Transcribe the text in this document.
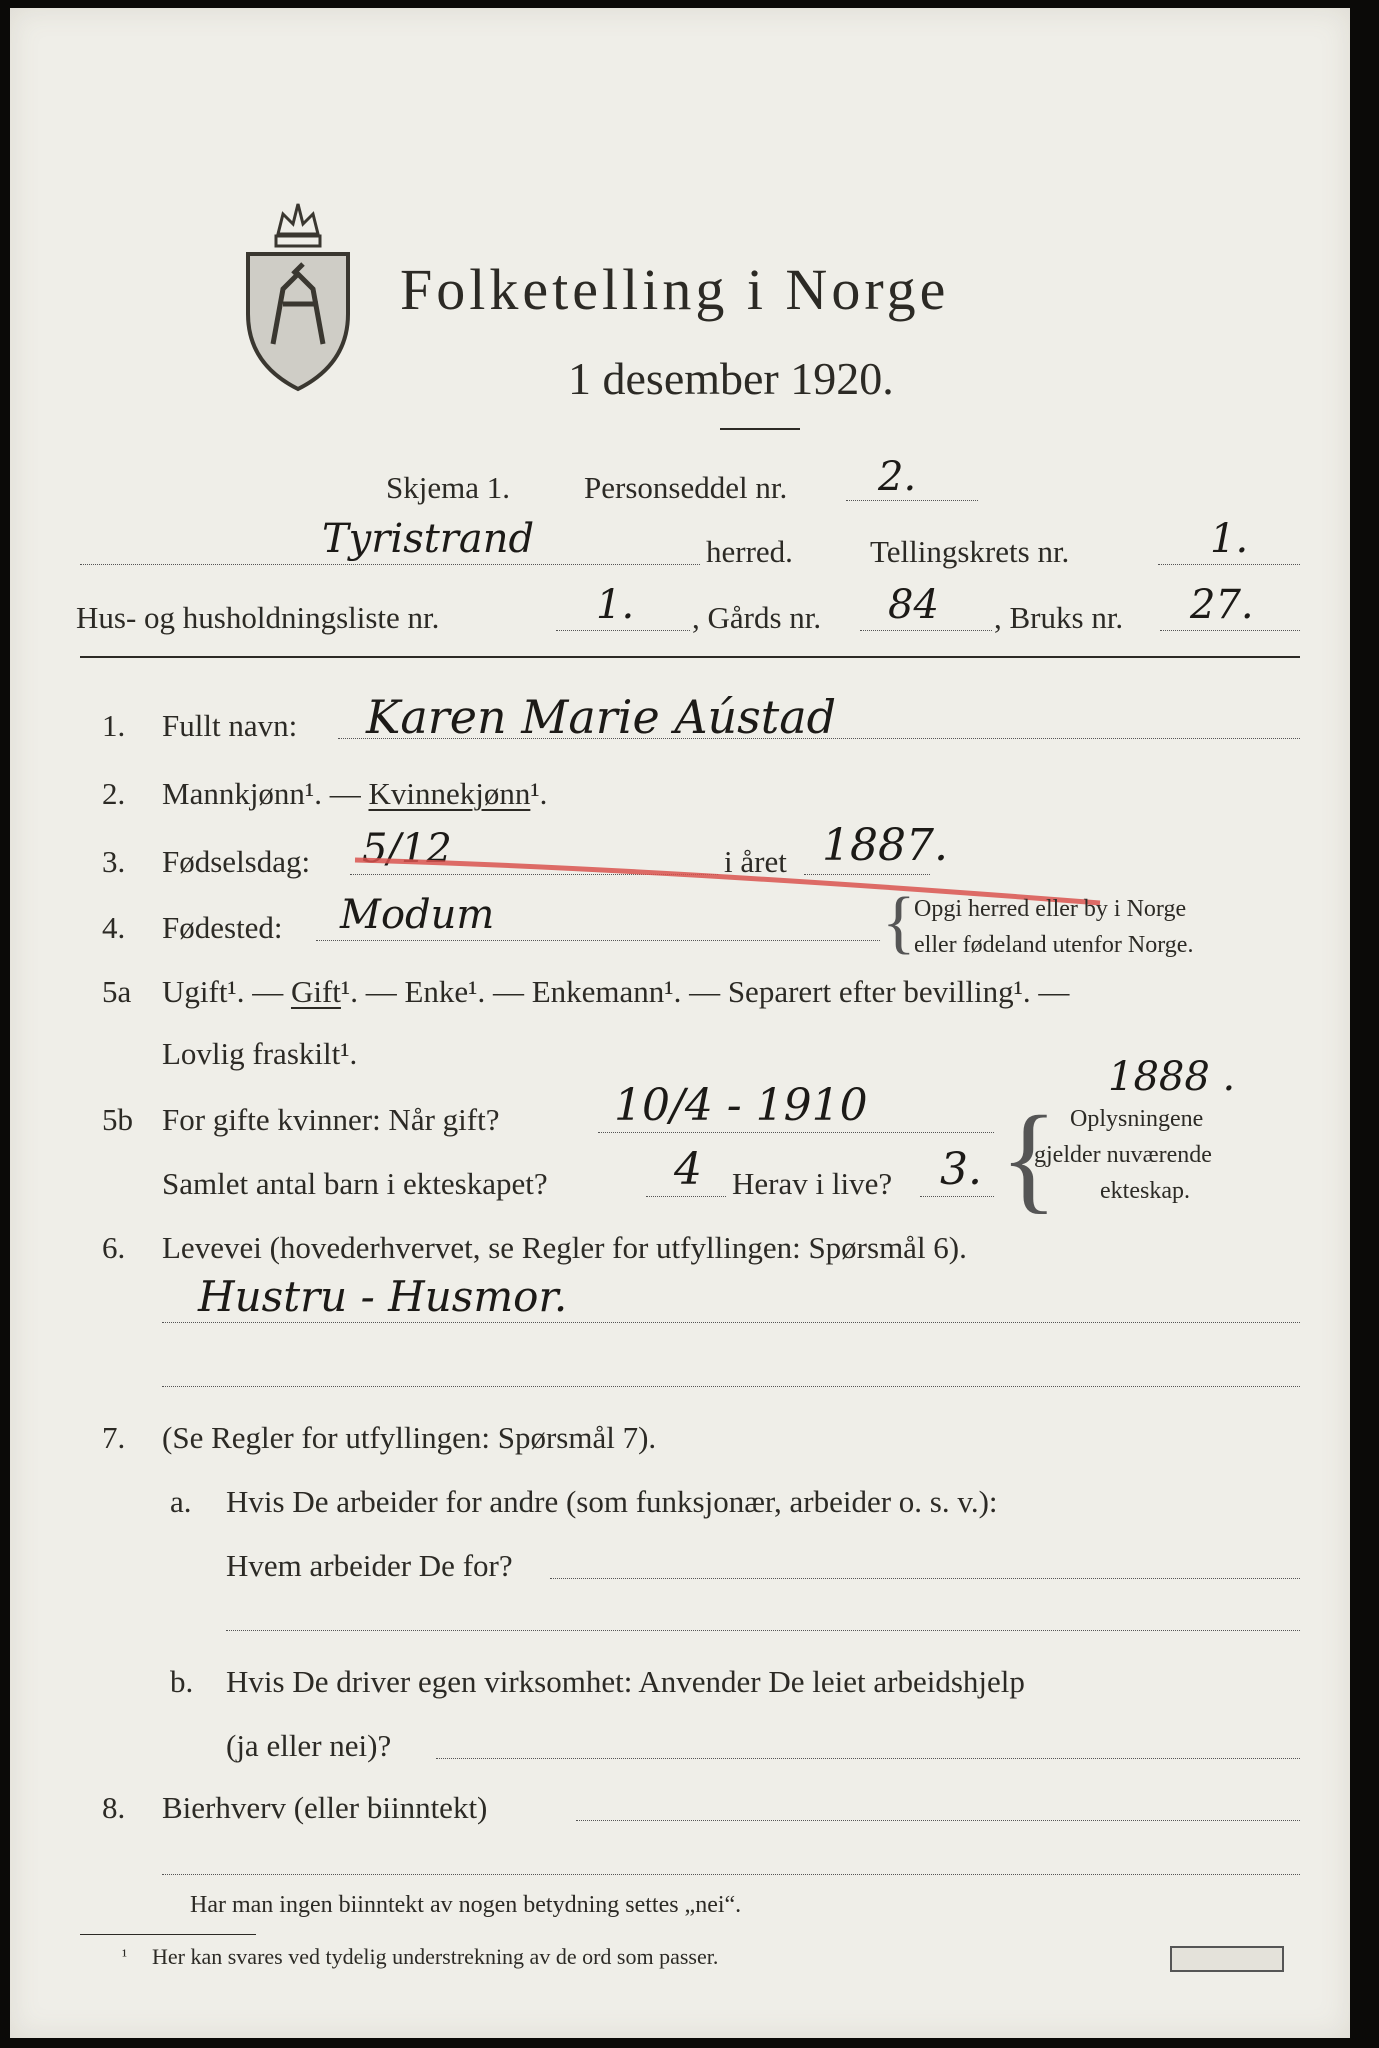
Folketelling i Norge
1 desember 1920.
Skjema 1. Personseddel nr. 2.
Tyristrand	herred. Tellingskrets nr.	1.
Hus- og husholdningsliste nr.	1. , Gårds nr. 84 , Bruks nr. 27.
1. Fullt navn: Karen Marie Aústad
2. Mannkjønn¹. — Kvinnekjønn¹.
3. Fødselsdag: 5/12	i året 1887.
4. Fødested: Modum	{
Opgi herred eller by i Norge
eller fødeland utenfor Norge.
5a Ugift¹. — Gift¹. — Enke¹. — Enkemann¹. — Separert efter bevilling¹. —
Lovlig fraskilt¹.
1888 .
5b For gifte kvinner: Når gift?	10/4 - 1910
Samlet antal barn i ekteskapet?	4 Herav i live? 3. { Oplysningene
gjelder nuværende
ekteskap.
6. Levevei (hovederhvervet, se Regler for utfyllingen: Spørsmål 6).
Hustru - Husmor.
7. (Se Regler for utfyllingen: Spørsmål 7).
a. Hvis De arbeider for andre (som funksjonær, arbeider o. s. v.):
Hvem arbeider De for?
b. Hvis De driver egen virksomhet: Anvender De leiet arbeidshjelp
(ja eller nei)?
8. Bierhverv (eller biinntekt)
Har man ingen biinntekt av nogen betydning settes „nei“.
¹ Her kan svares ved tydelig understrekning av de ord som passer.
